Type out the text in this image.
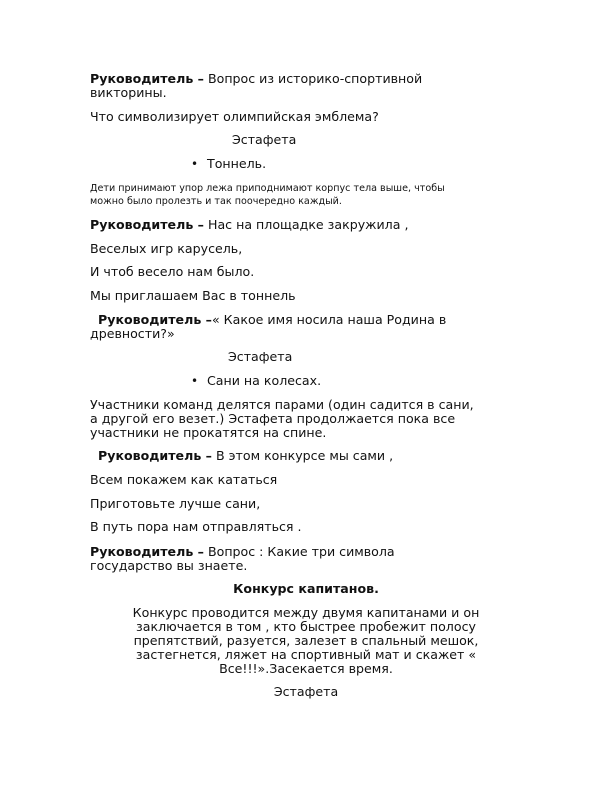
Руководитель – Вопрос из историко-спортивной
викторины.
Что символизирует олимпийская эмблема?
Эстафета
• Тоннель.
Дети принимают упор лежа приподнимают корпус тела выше, чтобы
можно было пролезть и так поочередно каждый.
Руководитель – Нас на площадке закружила ,
Веселых игр карусель,
И чтоб весело нам было.
Мы приглашаем Вас в тоннель
Руководитель –« Какое имя носила наша Родина в
древности?»
Эстафета
• Сани на колесах.
Участники команд делятся парами (один садится в сани,
а другой его везет.) Эстафета продолжается пока все
участники не прокатятся на спине.
Руководитель – В этом конкурсе мы сами ,
Всем покажем как кататься
Приготовьте лучше сани,
В путь пора нам отправляться .
Руководитель – Вопрос : Какие три символа
государство вы знаете.
Конкурс капитанов.
Конкурс проводится между двумя капитанами и он
заключается в том , кто быстрее пробежит полосу
препятствий, разуется, залезет в спальный мешок,
застегнется, ляжет на спортивный мат и скажет «
Все!!!».Засекается время.
Эстафета
